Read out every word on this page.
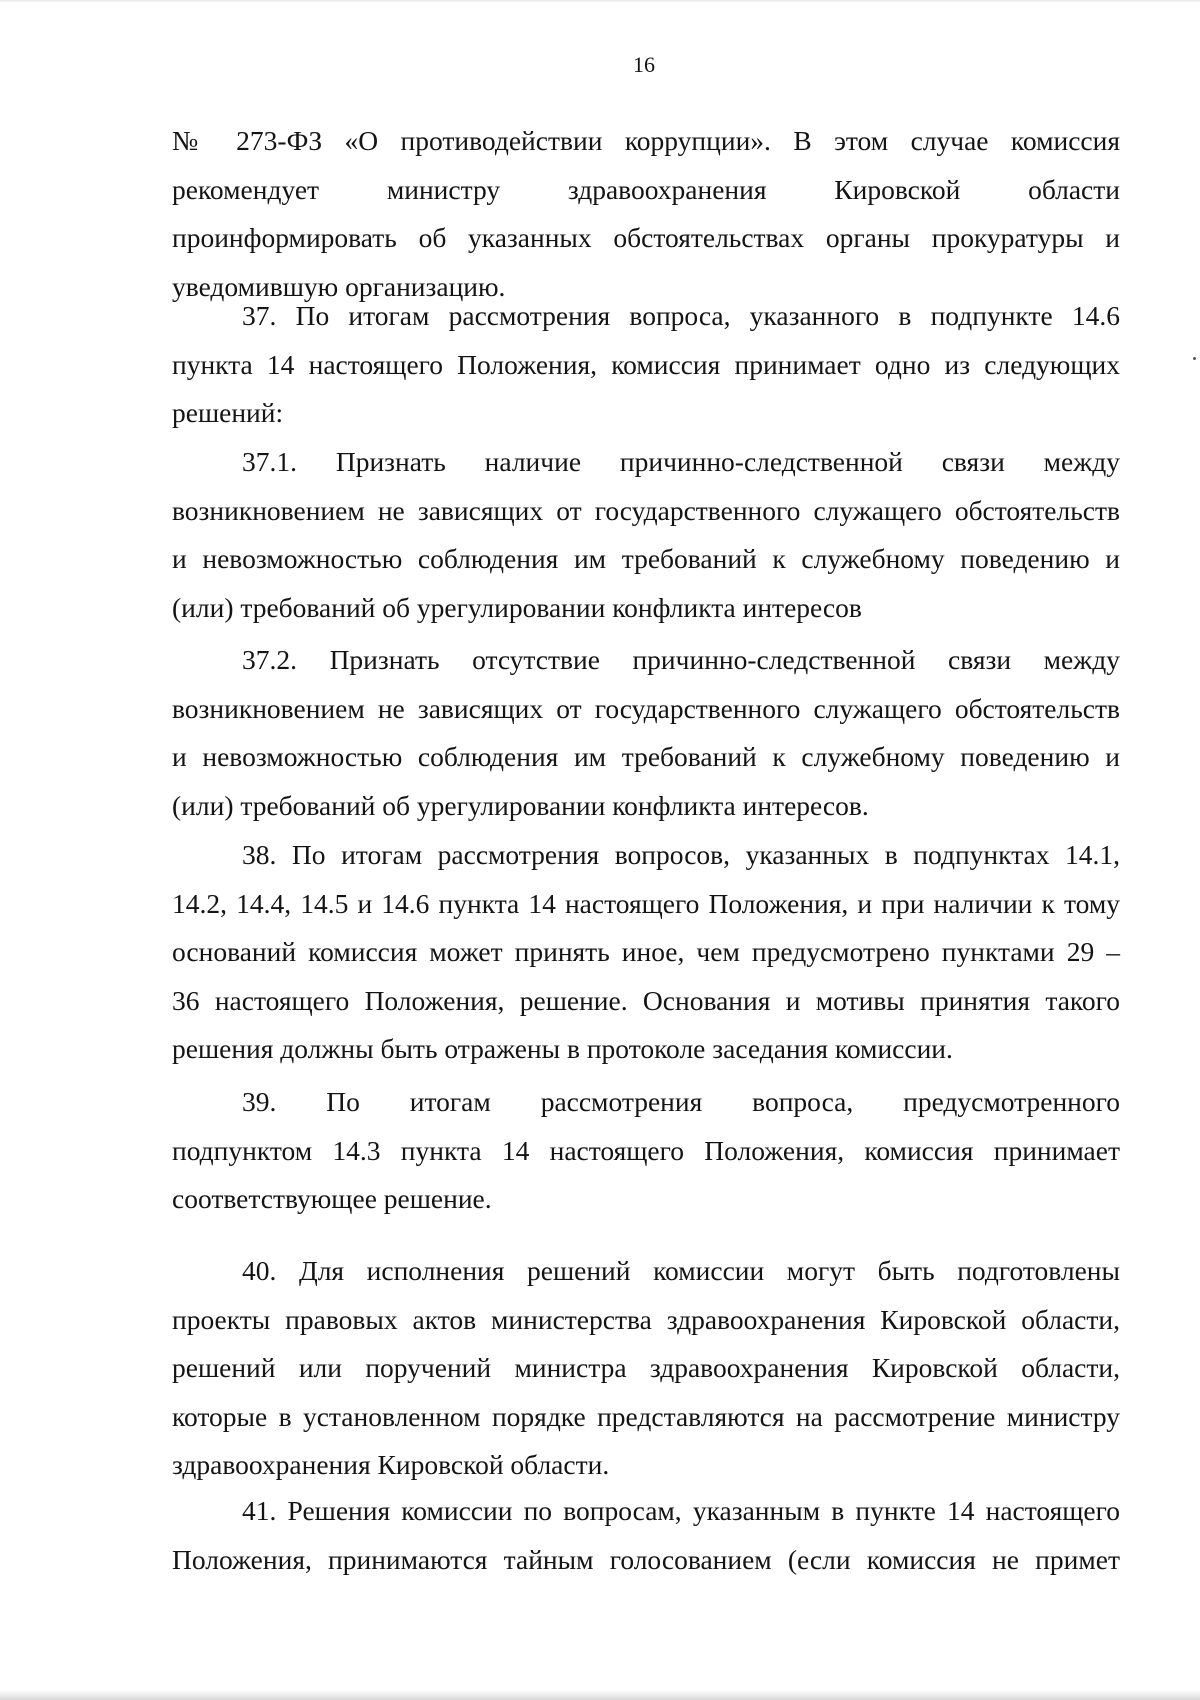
16
№ 273-ФЗ «О противодействии коррупции». В этом случае комиссия
рекомендует министру здравоохранения Кировской области
проинформировать об указанных обстоятельствах органы прокуратуры и
уведомившую организацию.
37. По итогам рассмотрения вопроса, указанного в подпункте 14.6
пункта 14 настоящего Положения, комиссия принимает одно из следующих
решений:
37.1. Признать наличие причинно-следственной связи между
возникновением не зависящих от государственного служащего обстоятельств
и невозможностью соблюдения им требований к служебному поведению и
(или) требований об урегулировании конфликта интересов
37.2. Признать отсутствие причинно-следственной связи между
возникновением не зависящих от государственного служащего обстоятельств
и невозможностью соблюдения им требований к служебному поведению и
(или) требований об урегулировании конфликта интересов.
38. По итогам рассмотрения вопросов, указанных в подпунктах 14.1,
14.2, 14.4, 14.5 и 14.6 пункта 14 настоящего Положения, и при наличии к тому
оснований комиссия может принять иное, чем предусмотрено пунктами 29 –
36 настоящего Положения, решение. Основания и мотивы принятия такого
решения должны быть отражены в протоколе заседания комиссии.
39. По итогам рассмотрения вопроса, предусмотренного
подпунктом 14.3 пункта 14 настоящего Положения, комиссия принимает
соответствующее решение.
40. Для исполнения решений комиссии могут быть подготовлены
проекты правовых актов министерства здравоохранения Кировской области,
решений или поручений министра здравоохранения Кировской области,
которые в установленном порядке представляются на рассмотрение министру
здравоохранения Кировской области.
41. Решения комиссии по вопросам, указанным в пункте 14 настоящего
Положения, принимаются тайным голосованием (если комиссия не примет
